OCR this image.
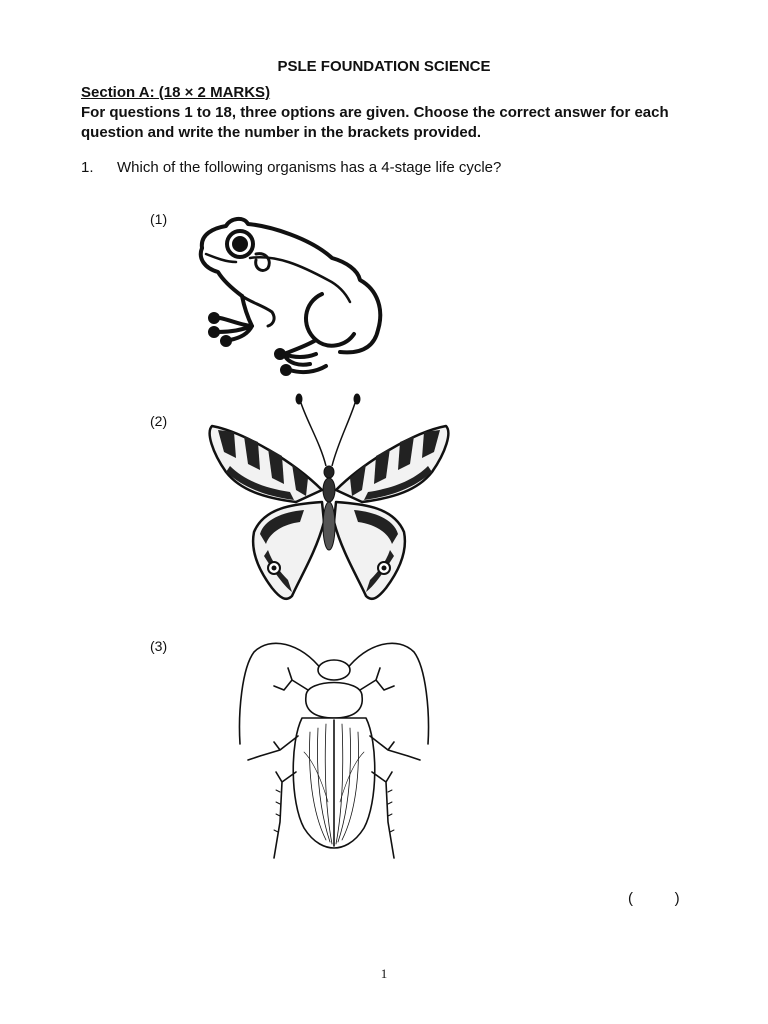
PSLE FOUNDATION SCIENCE
Section A: (18 × 2 MARKS)
For questions 1 to 18, three options are given. Choose the correct answer for each question and write the number in the brackets provided.
1. Which of the following organisms has a 4-stage life cycle?
(1)
(2)
(3)
(          )
1
